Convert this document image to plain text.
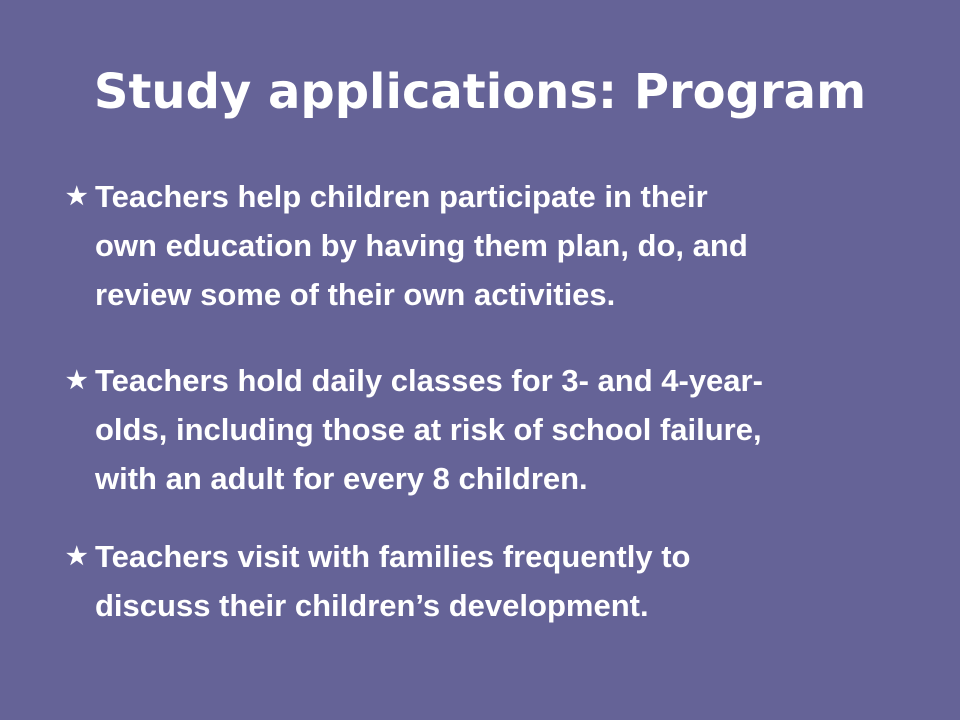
Study applications: Program
★ Teachers help children participate in their
own education by having them plan, do, and
review some of their own activities.
★ Teachers hold daily classes for 3- and 4-year-
olds, including those at risk of school failure,
with an adult for every 8 children.
★ Teachers visit with families frequently to
discuss their children’s development.
